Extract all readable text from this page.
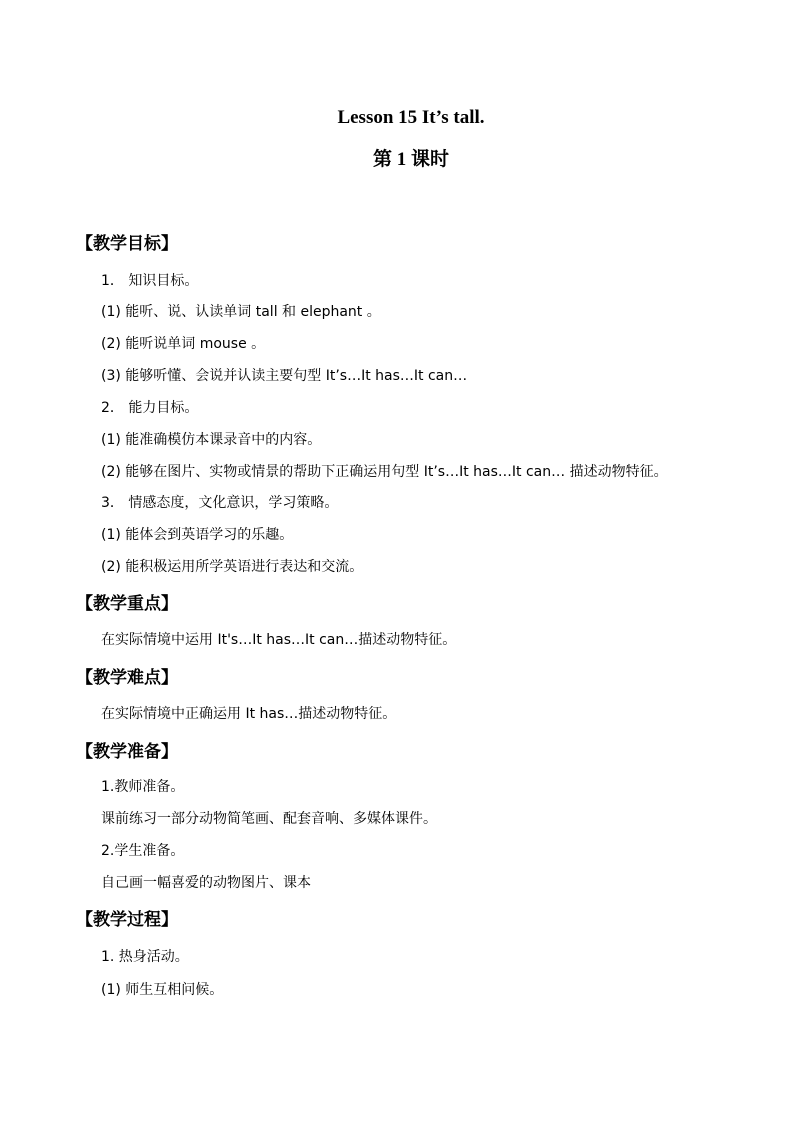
Lesson 15 It’s tall.
第 1 课时
【教学目标】
1． 知识目标。
(1) 能听、说、认读单词 tall 和 elephant 。
(2) 能听说单词 mouse 。
(3) 能够听懂、会说并认读主要句型 It’s…It has…It can…
2． 能力目标。
(1) 能准确模仿本课录音中的内容。
(2) 能够在图片、实物或情景的帮助下正确运用句型 It’s…It has…It can… 描述动物特征。
3． 情感态度，文化意识，学习策略。
(1) 能体会到英语学习的乐趣。
(2) 能积极运用所学英语进行表达和交流。
【教学重点】
在实际情境中运用 It's…It has…It can…描述动物特征。
【教学难点】
在实际情境中正确运用 It has…描述动物特征。
【教学准备】
1.教师准备。
课前练习一部分动物简笔画、配套音响、多媒体课件。
2.学生准备。
自己画一幅喜爱的动物图片、课本
【教学过程】
1. 热身活动。
(1) 师生互相问候。
